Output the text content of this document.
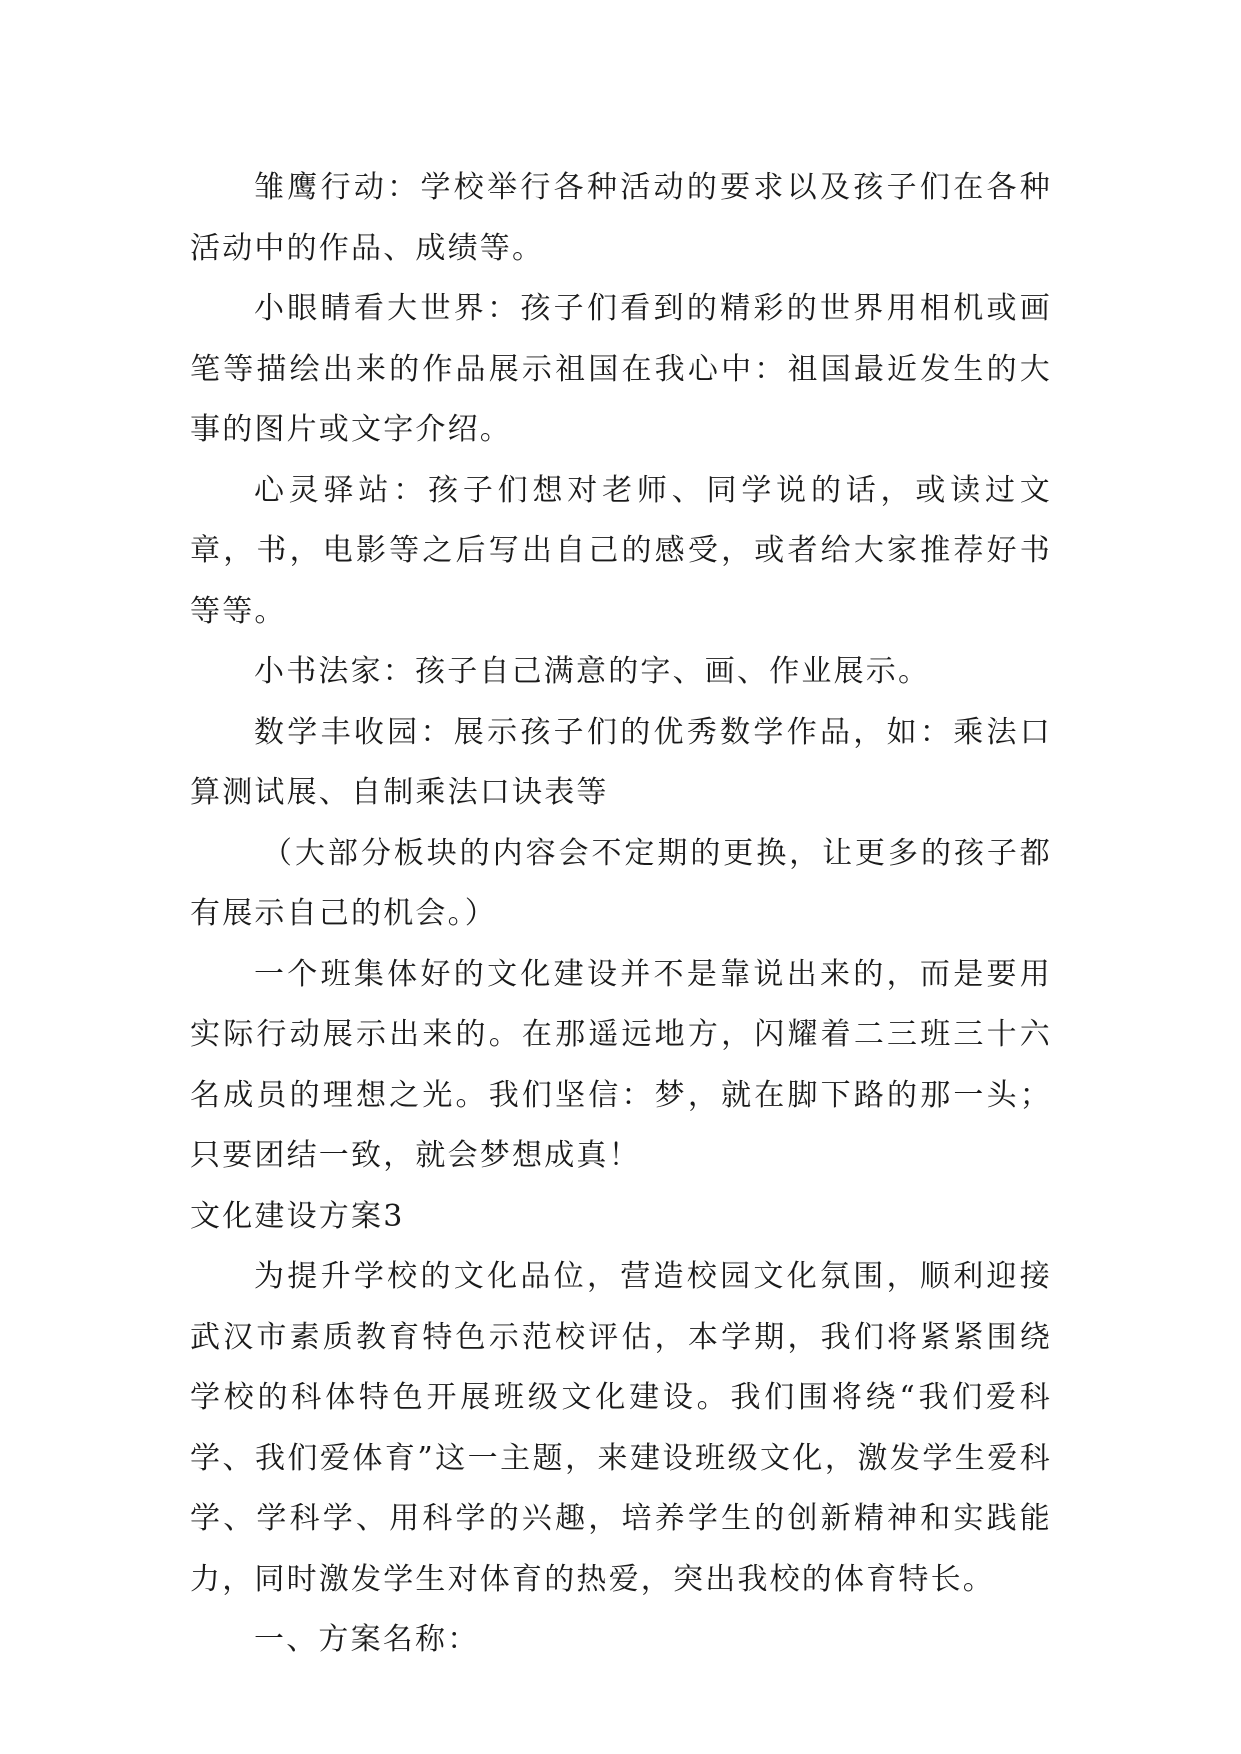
雏鹰行动：学校举行各种活动的要求以及孩子们在各种活动中的作品、成绩等。

小眼睛看大世界：孩子们看到的精彩的世界用相机或画笔等描绘出来的作品展示祖国在我心中：祖国最近发生的大事的图片或文字介绍。

心灵驿站：孩子们想对老师、同学说的话，或读过文章，书，电影等之后写出自己的感受，或者给大家推荐好书等等。

小书法家：孩子自己满意的字、画、作业展示。

数学丰收园：展示孩子们的优秀数学作品，如：乘法口算测试展、自制乘法口诀表等

（大部分板块的内容会不定期的更换，让更多的孩子都有展示自己的机会。）

一个班集体好的文化建设并不是靠说出来的，而是要用实际行动展示出来的。在那遥远地方，闪耀着二三班三十六名成员的理想之光。我们坚信：梦，就在脚下路的那一头；只要团结一致，就会梦想成真！

文化建设方案3

为提升学校的文化品位，营造校园文化氛围，顺利迎接武汉市素质教育特色示范校评估，本学期，我们将紧紧围绕学校的科体特色开展班级文化建设。我们围将绕“我们爱科学、我们爱体育”这一主题，来建设班级文化，激发学生爱科学、学科学、用科学的兴趣，培养学生的创新精神和实践能力，同时激发学生对体育的热爱，突出我校的体育特长。

一、方案名称：
